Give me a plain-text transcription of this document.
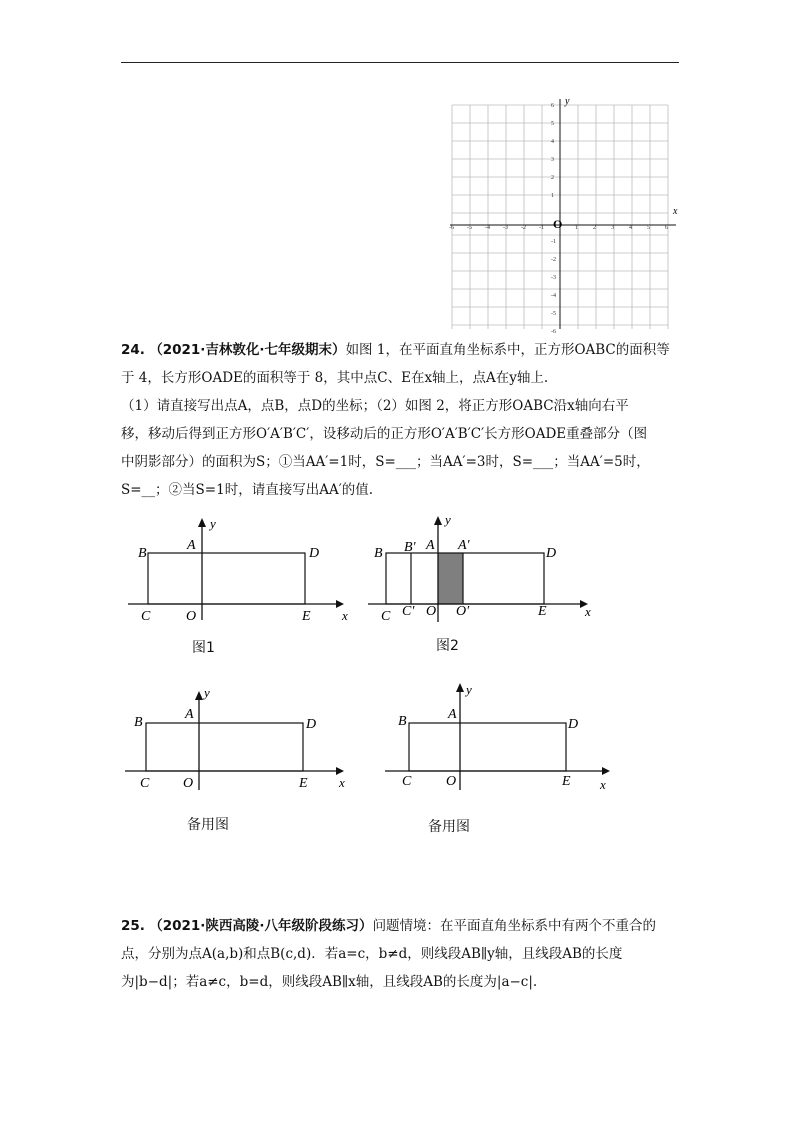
-6 -5 -4 -3 -2 -1	1	2	3	4	5	6
6
5
4
3
2
1
-1
-2
-3
-4
-5
-6
x
y
O
24. （2021·吉林敦化·七年级期末）如图 1，在平面直角坐标系中，正方形OABC的面积等
于 4，长方形OADE的面积等于 8，其中点C、E在x轴上，点A在y轴上.
（1）请直接写出点A，点B，点D的坐标；（2）如图 2，将正方形OABC沿x轴向右平
移，移动后得到正方形O′A′B′C′，设移动后的正方形O′A′B′C′长方形OADE重叠部分（图
中阴影部分）的面积为S；①当AA′=1时，S=___；当AA′=3时，S=___；当AA′=5时，
S=__；②当S=1时，请直接写出AA′的值.
B
A
D
C	O	E x
y
图1
B B′ A A′
D
C C′ O O′	E	x
y
图2
B
A
D
C O	E x
y
备用图
B	A
D
C O	E x
y
备用图
25. （2021·陕西高陵·八年级阶段练习）问题情境：在平面直角坐标系中有两个不重合的
点，分别为点A(a,b)和点B(c,d)．若a=c，b≠d，则线段AB∥y轴，且线段AB的长度
为|b−d|；若a≠c，b=d，则线段AB∥x轴，且线段AB的长度为|a−c|.
